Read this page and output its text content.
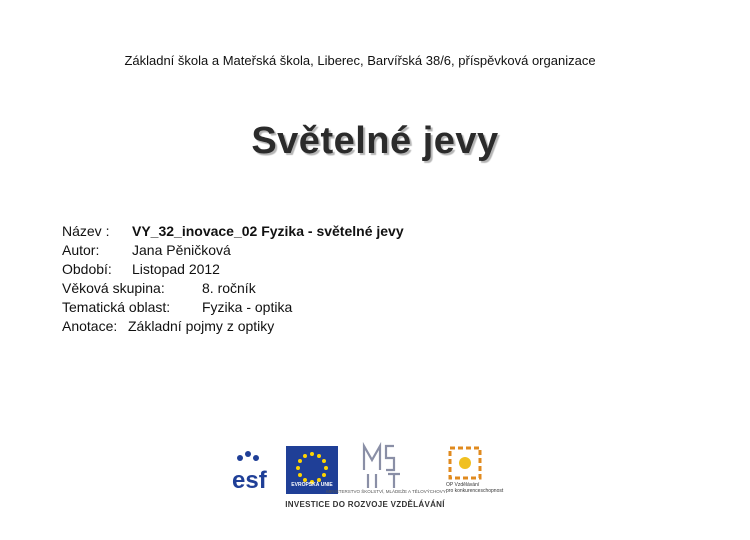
Základní škola a Mateřská škola, Liberec, Barvířská 38/6, příspěvková organizace
Světelné jevy
Název : VY_32_inovace_02 Fyzika - světelné jevy
Autor: Jana Pěničková
Období: Listopad 2012
Věková skupina:	8. ročník
Tematická oblast: Fyzika - optika
Anotace: Základní pojmy z optiky
esf	EVROPSKÁ UNIE
MINISTERSTVO ŠKOLSTVÍ, MLÁDEŽE A TĚLOVÝCHOVY
OP Vzdělávání
pro konkurenceschopnost
INVESTICE DO ROZVOJE VZDĚLÁVÁNÍ
